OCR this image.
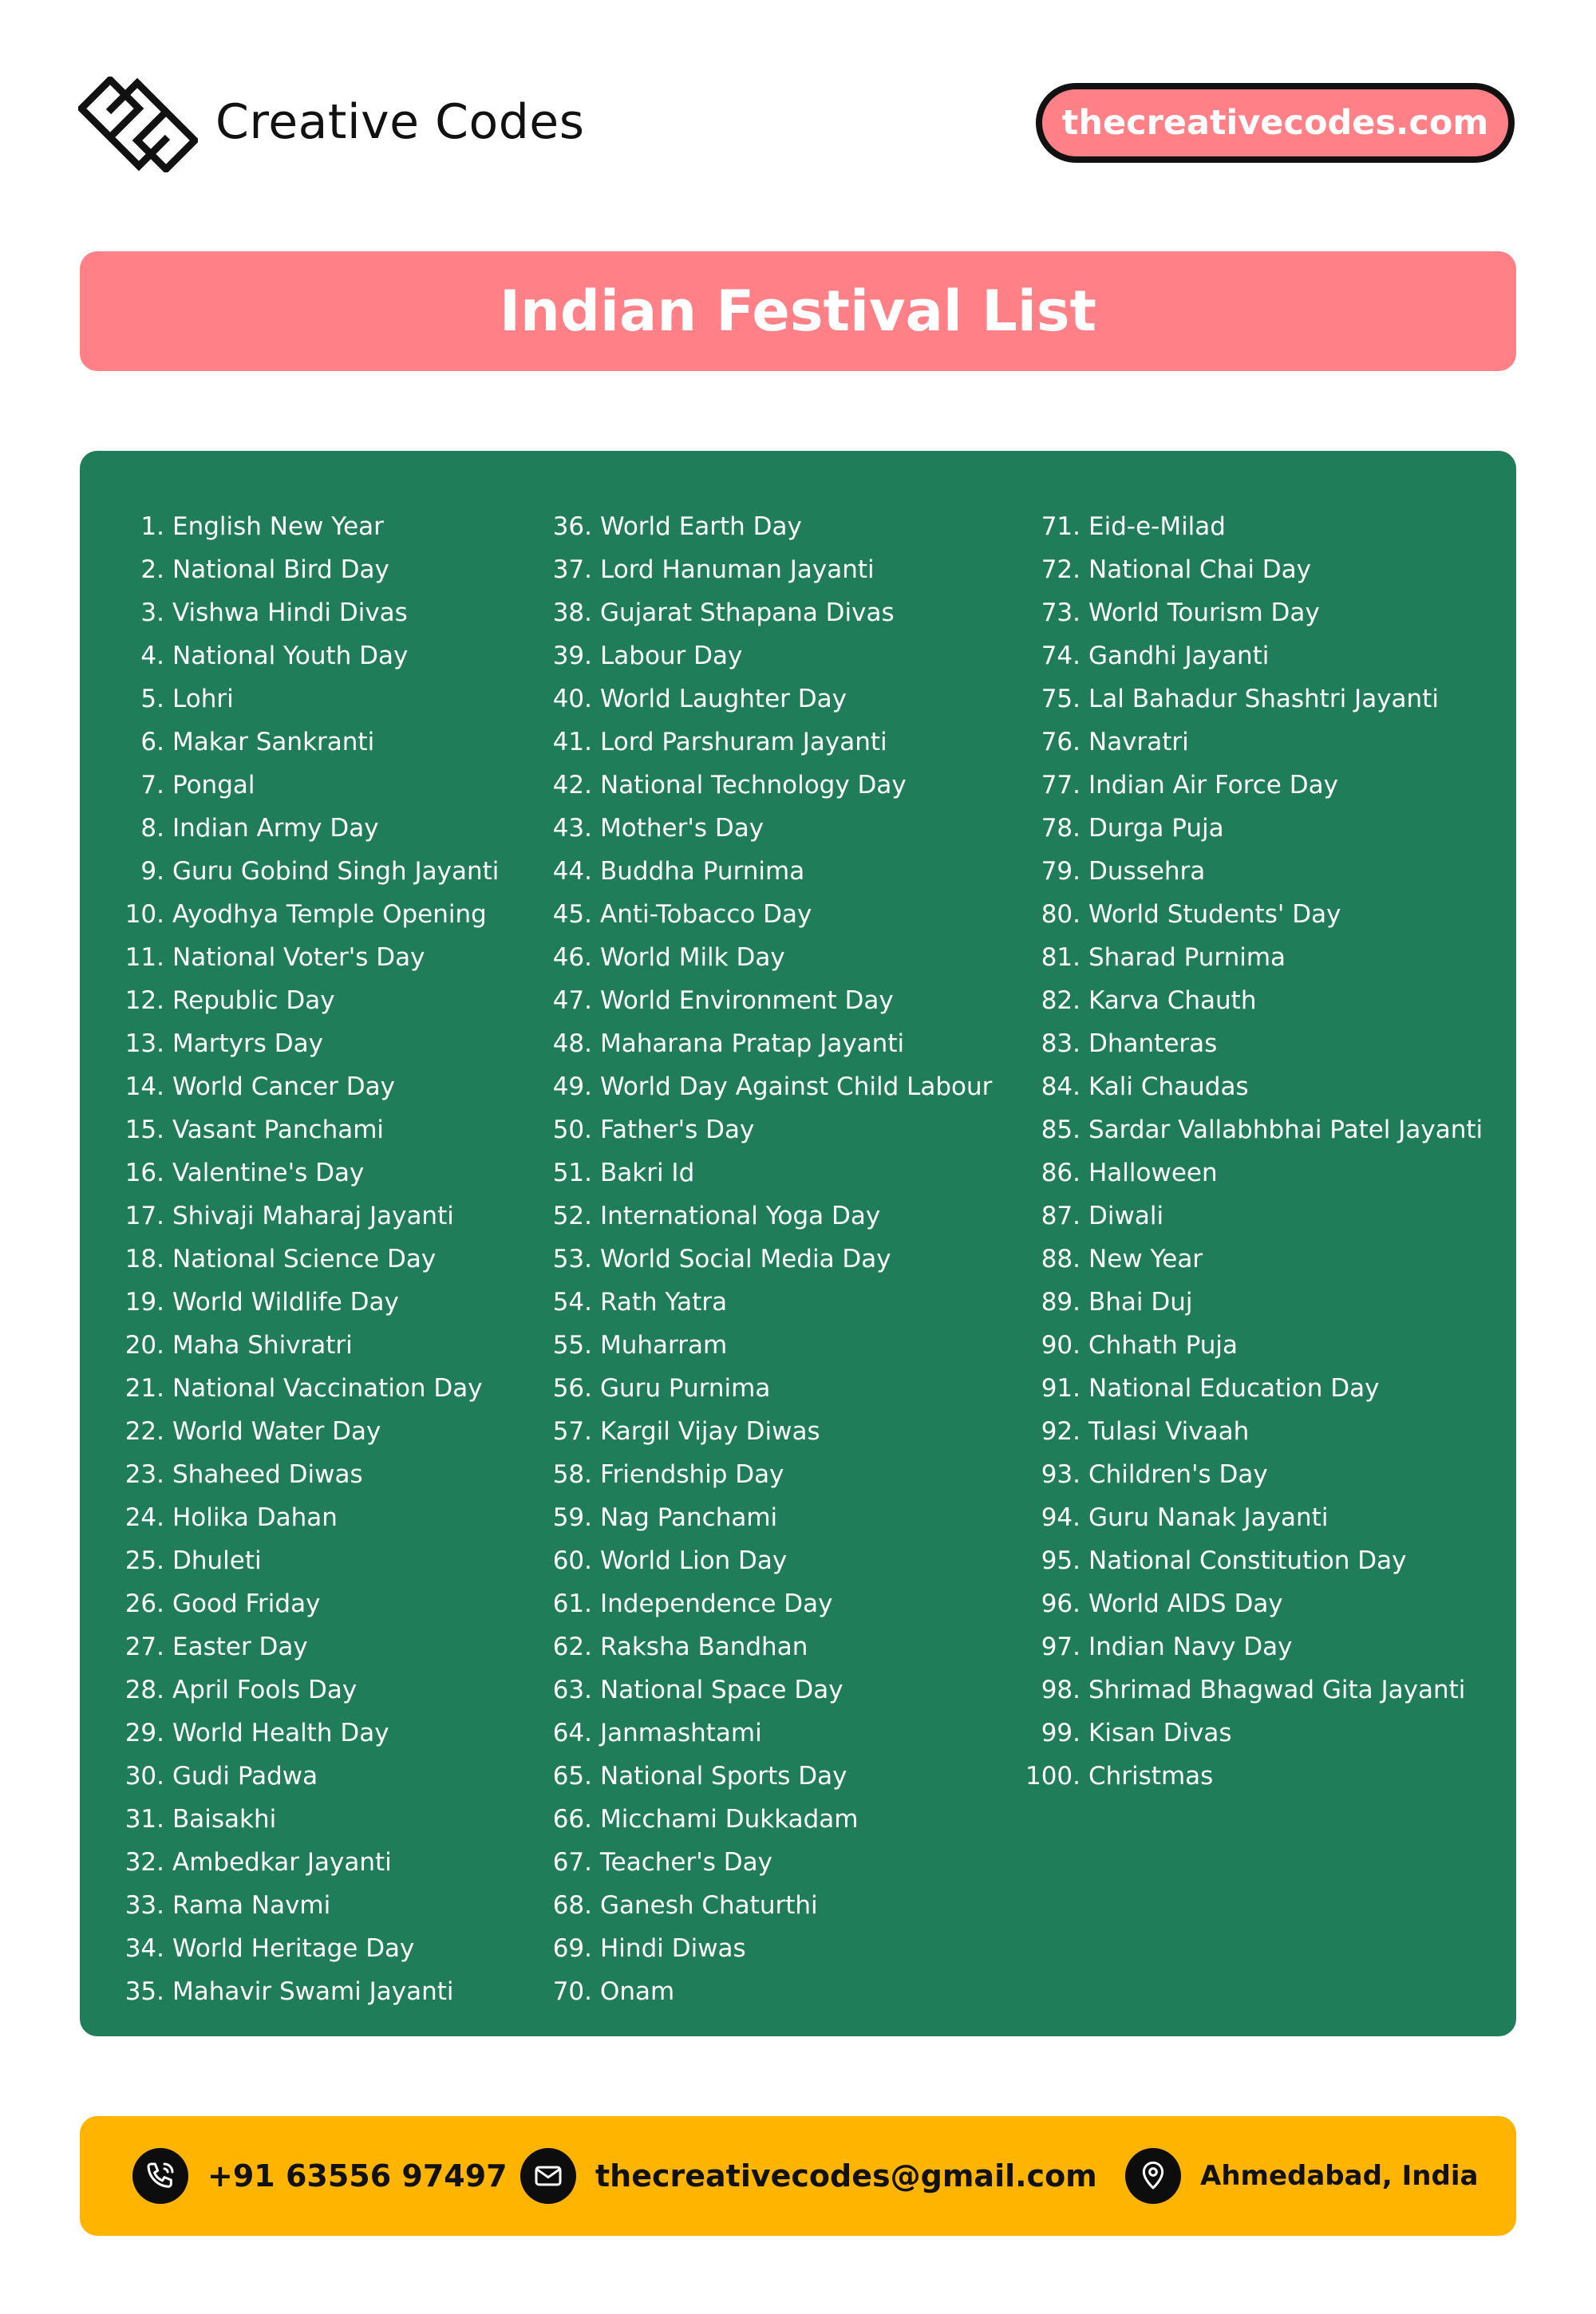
Creative Codes	thecreativecodes.com
Indian Festival List
1. English New Year
2. National Bird Day
3. Vishwa Hindi Divas
4. National Youth Day
5. Lohri
6. Makar Sankranti
7. Pongal
8. Indian Army Day
9. Guru Gobind Singh Jayanti
10. Ayodhya Temple Opening
11. National Voter's Day
12. Republic Day
13. Martyrs Day
14. World Cancer Day
15. Vasant Panchami
16. Valentine's Day
17. Shivaji Maharaj Jayanti
18. National Science Day
19. World Wildlife Day
20. Maha Shivratri
21. National Vaccination Day
22. World Water Day
23. Shaheed Diwas
24. Holika Dahan
25. Dhuleti
26. Good Friday
27. Easter Day
28. April Fools Day
29. World Health Day
30. Gudi Padwa
31. Baisakhi
32. Ambedkar Jayanti
33. Rama Navmi
34. World Heritage Day
35. Mahavir Swami Jayanti
36. World Earth Day
37. Lord Hanuman Jayanti
38. Gujarat Sthapana Divas
39. Labour Day
40. World Laughter Day
41. Lord Parshuram Jayanti
42. National Technology Day
43. Mother's Day
44. Buddha Purnima
45. Anti-Tobacco Day
46. World Milk Day
47. World Environment Day
48. Maharana Pratap Jayanti
49. World Day Against Child Labour
50. Father's Day
51. Bakri Id
52. International Yoga Day
53. World Social Media Day
54. Rath Yatra
55. Muharram
56. Guru Purnima
57. Kargil Vijay Diwas
58. Friendship Day
59. Nag Panchami
60. World Lion Day
61. Independence Day
62. Raksha Bandhan
63. National Space Day
64. Janmashtami
65. National Sports Day
66. Micchami Dukkadam
67. Teacher's Day
68. Ganesh Chaturthi
69. Hindi Diwas
70. Onam
71. Eid-e-Milad
72. National Chai Day
73. World Tourism Day
74. Gandhi Jayanti
75. Lal Bahadur Shashtri Jayanti
76. Navratri
77. Indian Air Force Day
78. Durga Puja
79. Dussehra
80. World Students' Day
81. Sharad Purnima
82. Karva Chauth
83. Dhanteras
84. Kali Chaudas
85. Sardar Vallabhbhai Patel Jayanti
86. Halloween
87. Diwali
88. New Year
89. Bhai Duj
90. Chhath Puja
91. National Education Day
92. Tulasi Vivaah
93. Children's Day
94. Guru Nanak Jayanti
95. National Constitution Day
96. World AIDS Day
97. Indian Navy Day
98. Shrimad Bhagwad Gita Jayanti
99. Kisan Divas
100. Christmas
+91 63556 97497	thecreativecodes@gmail.com	Ahmedabad, India
